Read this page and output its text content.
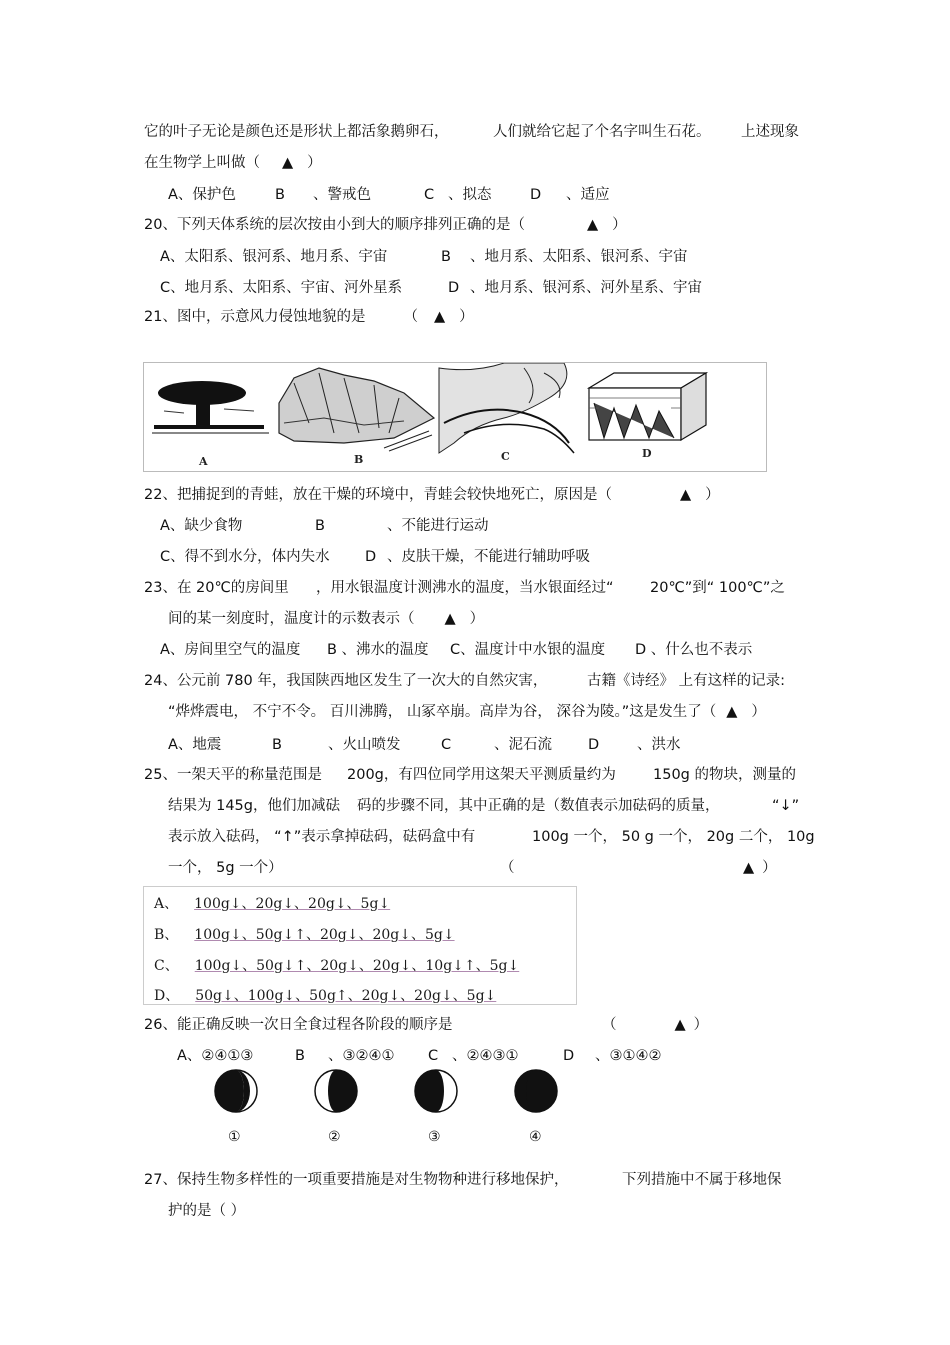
它的叶子无论是颜色还是形状上都活象鹅卵石，	人们就给它起了个名字叫生石花。 上述现象
在生物学上叫做（ ▲ ）
A、保护色	B 、警戒色	C 、拟态	D 、适应
20、下列天体系统的层次按由小到大的顺序排列正确的是（	▲ ）
A、太阳系、银河系、地月系、宇宙	B 、地月系、太阳系、银河系、宇宙
C、地月系、太阳系、宇宙、河外星系	D 、地月系、银河系、河外星系、宇宙
21、图中，示意风力侵蚀地貌的是	（ ▲ ）
A	B	C	D
22、把捕捉到的青蛙，放在干燥的环境中，青蛙会较快地死亡，原因是（	▲ ）
A、缺少食物	B	、不能进行运动
C、得不到水分，体内失水 D 、皮肤干燥，不能进行辅助呼吸
23、在 20℃的房间里 ，用水银温度计测沸水的温度，当水银面经过“	20℃”到“ 100℃”之
间的某一刻度时，温度计的示数表示（ ▲ ）
A、房间里空气的温度 B 、沸水的温度 C、温度计中水银的温度 D 、什么也不表示
24、公元前 780 年，我国陕西地区发生了一次大的自然灾害，	古籍《诗经》 上有这样的记录:
“烨烨震电， 不宁不令。 百川沸腾， 山冢卒崩。高岸为谷， 深谷为陵。”这是发生了（ ▲ ）
A、地震	B	、火山喷发	C	、泥石流 D	、洪水
25、一架天平的称量范围是 200g，有四位同学用这架天平测质量约为	150g 的物块，测量的
结果为 145g，他们加减砝 码的步骤不同，其中正确的是（数值表示加砝码的质量，	“↓”
表示放入砝码， “↑”表示拿掉砝码，砝码盒中有	100g 一个， 50 g 一个， 20g 二个， 10g
一个， 5g 一个）	（	▲ ）
A、 100g↓、20g↓、20g↓、5g↓
B、 100g↓、50g↓↑、20g↓、20g↓、5g↓
C、 100g↓、50g↓↑、20g↓、20g↓、10g↓↑、5g↓
D、 50g↓、100g↓、50g↑、20g↓、20g↓、5g↓
26、能正确反映一次日全食过程各阶段的顺序是	（	▲ ）
A、②④①③	B 、③②④① C 、②④③①	D 、③①④②
①	②	③	④
27、保持生物多样性的一项重要措施是对生物物种进行移地保护，	下列措施中不属于移地保
护的是（ ）
